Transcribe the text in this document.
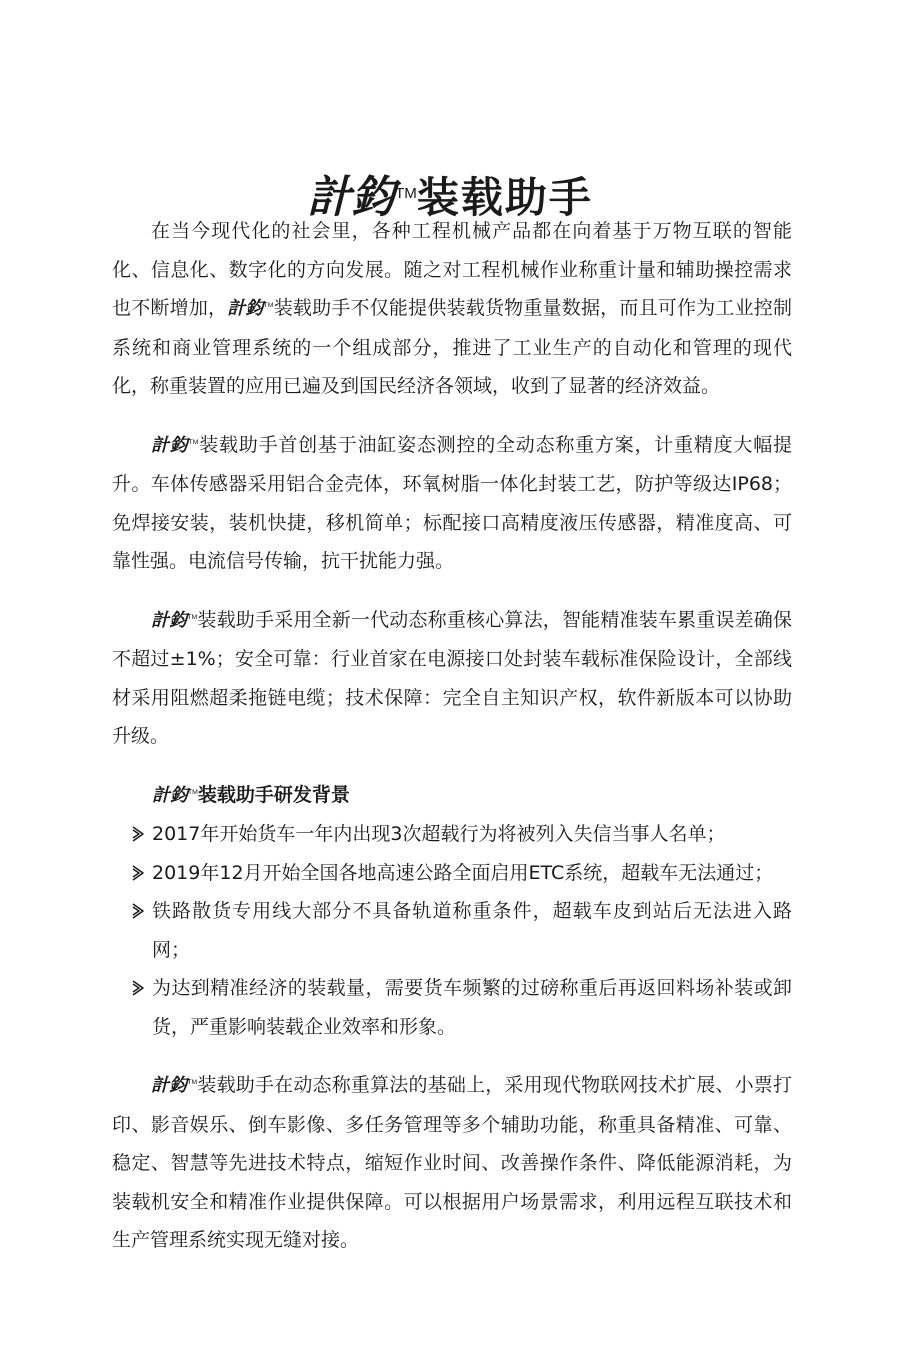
計鈞™装载助手

在当今现代化的社会里，各种工程机械产品都在向着基于万物互联的智能化、信息化、数字化的方向发展。随之对工程机械作业称重计量和辅助操控需求也不断增加，計鈞™装载助手不仅能提供装载货物重量数据，而且可作为工业控制系统和商业管理系统的一个组成部分，推进了工业生产的自动化和管理的现代化，称重装置的应用已遍及到国民经济各领域，收到了显著的经济效益。

計鈞™装载助手首创基于油缸姿态测控的全动态称重方案，计重精度大幅提升。车体传感器采用铝合金壳体，环氧树脂一体化封装工艺，防护等级达IP68；免焊接安装，装机快捷，移机简单；标配接口高精度液压传感器，精准度高、可靠性强。电流信号传输，抗干扰能力强。

計鈞™装载助手采用全新一代动态称重核心算法，智能精准装车累重误差确保不超过±1%；安全可靠：行业首家在电源接口处封装车载标准保险设计，全部线材采用阻燃超柔拖链电缆；技术保障：完全自主知识产权，软件新版本可以协助升级。

計鈞™装载助手研发背景
2017年开始货车一年内出现3次超载行为将被列入失信当事人名单；
2019年12月开始全国各地高速公路全面启用ETC系统，超载车无法通过；
铁路散货专用线大部分不具备轨道称重条件，超载车皮到站后无法进入路网；
为达到精准经济的装载量，需要货车频繁的过磅称重后再返回料场补装或卸货，严重影响装载企业效率和形象。

計鈞™装载助手在动态称重算法的基础上，采用现代物联网技术扩展、小票打印、影音娱乐、倒车影像、多任务管理等多个辅助功能，称重具备精准、可靠、稳定、智慧等先进技术特点，缩短作业时间、改善操作条件、降低能源消耗，为装载机安全和精准作业提供保障。可以根据用户场景需求，利用远程互联技术和生产管理系统实现无缝对接。
